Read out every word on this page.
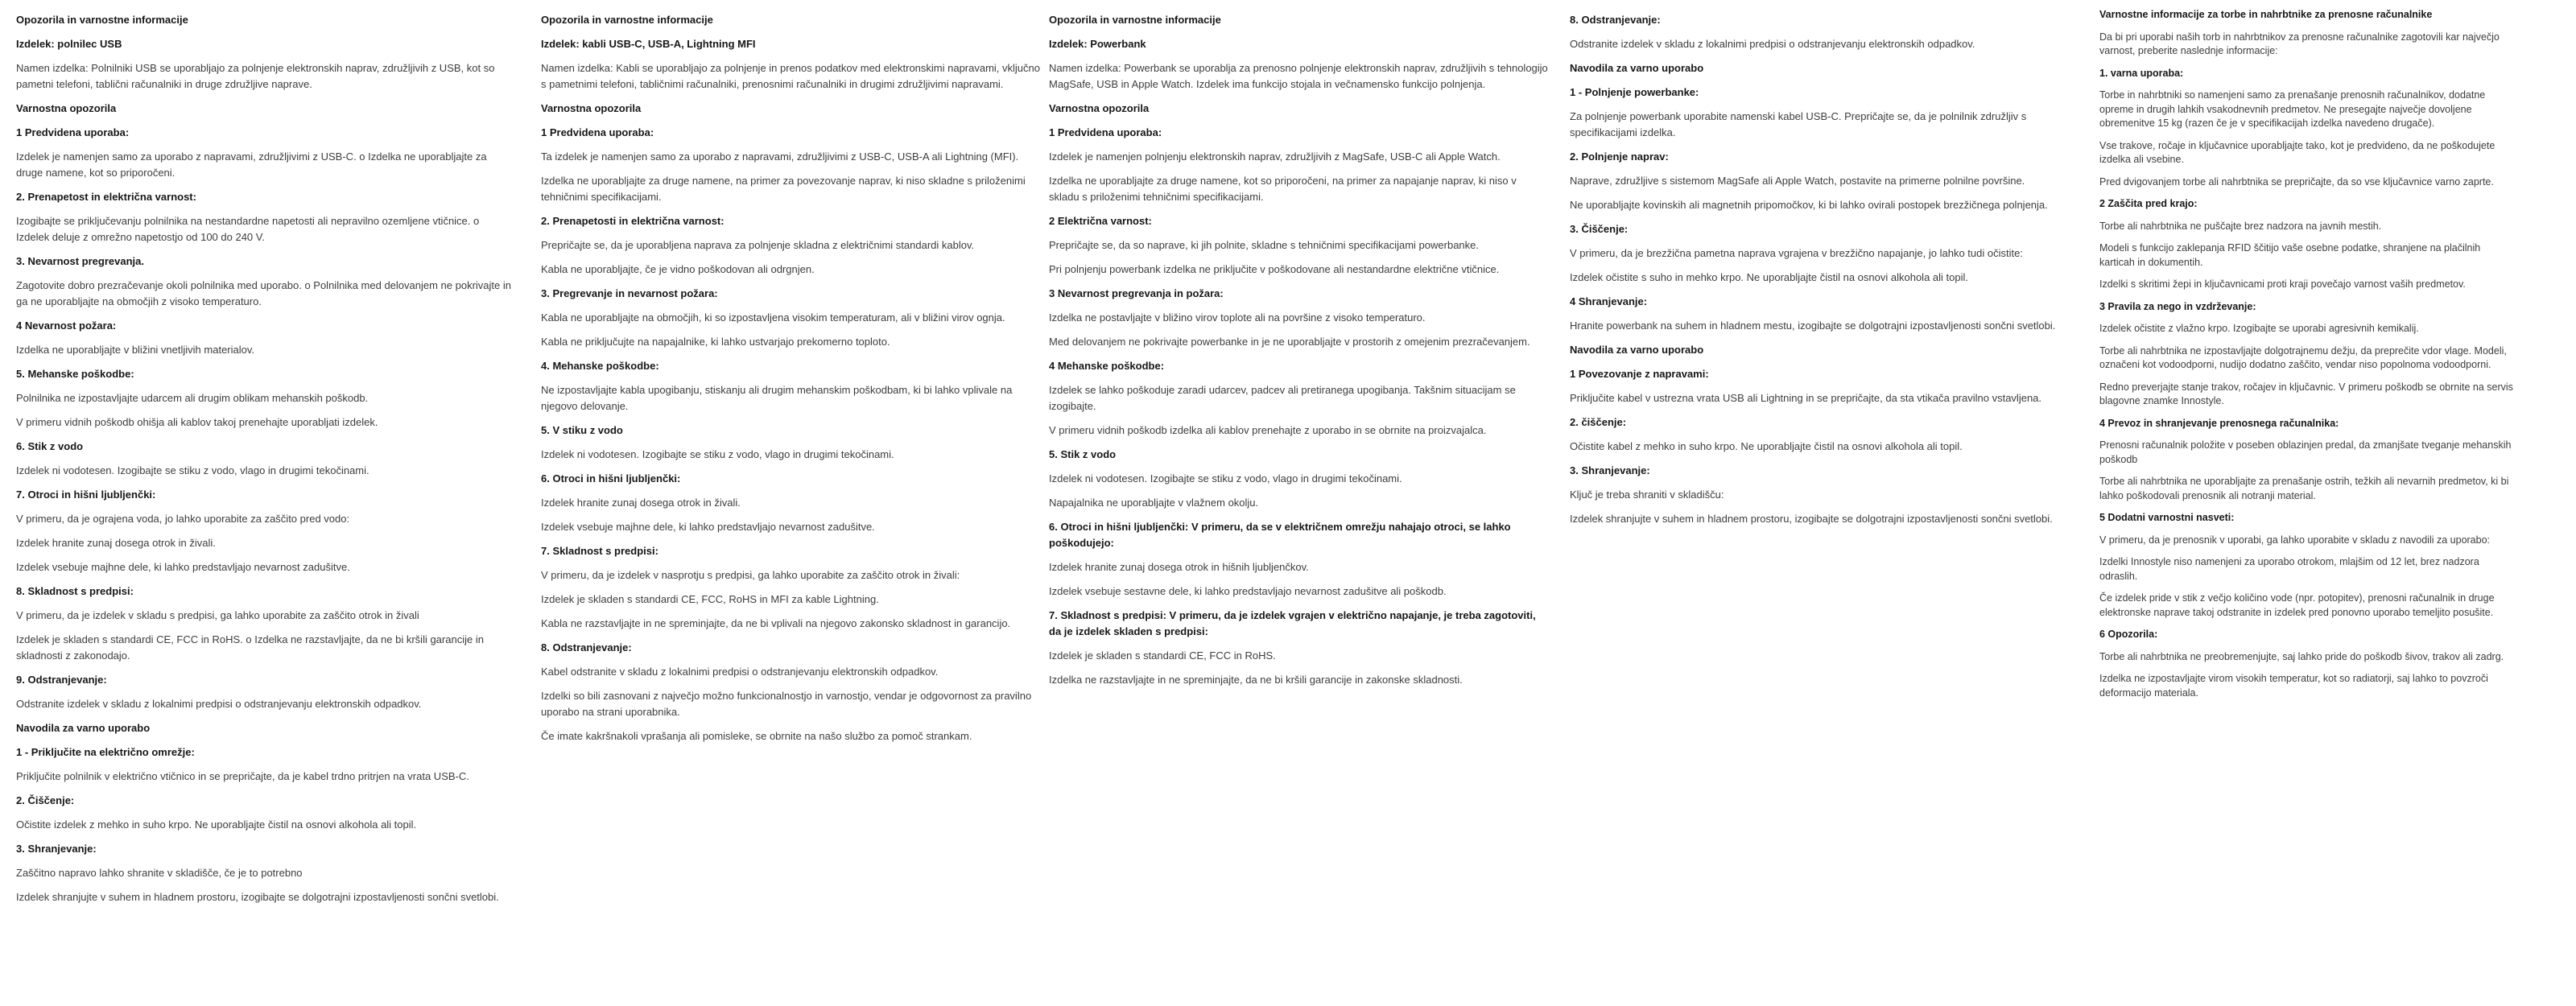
Opozorila in varnostne informacije
Izdelek: polnilec USB
Namen izdelka: Polnilniki USB se uporabljajo za polnjenje elektronskih naprav, združljivih z USB, kot so pametni telefoni, tablični računalniki in druge združljive naprave.
Varnostna opozorila
1 Predvidena uporaba:
Izdelek je namenjen samo za uporabo z napravami, združljivimi z USB-C. o Izdelka ne uporabljajte za druge namene, kot so priporočeni.
2. Prenapetost in električna varnost:
Izogibajte se priključevanju polnilnika na nestandardne napetosti ali nepravilno ozemljene vtičnice. o Izdelek deluje z omrežno napetostjo od 100 do 240 V.
3. Nevarnost pregrevanja.
Zagotovite dobro prezračevanje okoli polnilnika med uporabo. o Polnilnika med delovanjem ne pokrivajte in ga ne uporabljajte na območjih z visoko temperaturo.
4 Nevarnost požara:
Izdelka ne uporabljajte v bližini vnetljivih materialov.
5. Mehanske poškodbe:
Polnilnika ne izpostavljajte udarcem ali drugim oblikam mehanskih poškodb.
V primeru vidnih poškodb ohišja ali kablov takoj prenehajte uporabljati izdelek.
6. Stik z vodo
Izdelek ni vodotesen. Izogibajte se stiku z vodo, vlago in drugimi tekočinami.
7. Otroci in hišni ljubljenčki:
V primeru, da je ograjena voda, jo lahko uporabite za zaščito pred vodo:
Izdelek hranite zunaj dosega otrok in živali.
Izdelek vsebuje majhne dele, ki lahko predstavljajo nevarnost zadušitve.
8. Skladnost s predpisi:
V primeru, da je izdelek v skladu s predpisi, ga lahko uporabite za zaščito otrok in živali
Izdelek je skladen s standardi CE, FCC in RoHS. o Izdelka ne razstavljajte, da ne bi kršili garancije in skladnosti z zakonodajo.
9. Odstranjevanje:
Odstranite izdelek v skladu z lokalnimi predpisi o odstranjevanju elektronskih odpadkov.
Navodila za varno uporabo
1 - Priključite na električno omrežje:
Priključite polnilnik v električno vtičnico in se prepričajte, da je kabel trdno pritrjen na vrata USB-C.
2. Čiščenje:
Očistite izdelek z mehko in suho krpo. Ne uporabljajte čistil na osnovi alkohola ali topil.
3. Shranjevanje:
Zaščitno napravo lahko shranite v skladišče, če je to potrebno
Izdelek shranjujte v suhem in hladnem prostoru, izogibajte se dolgotrajni izpostavljenosti sončni svetlobi.
Opozorila in varnostne informacije
Izdelek: kabli USB-C, USB-A, Lightning MFI
Namen izdelka: Kabli se uporabljajo za polnjenje in prenos podatkov med elektronskimi napravami, vključno s pametnimi telefoni, tabličnimi računalniki, prenosnimi računalniki in drugimi združljivimi napravami.
Varnostna opozorila
1 Predvidena uporaba:
Ta izdelek je namenjen samo za uporabo z napravami, združljivimi z USB-C, USB-A ali Lightning (MFI).
Izdelka ne uporabljajte za druge namene, na primer za povezovanje naprav, ki niso skladne s priloženimi tehničnimi specifikacijami.
2. Prenapetosti in električna varnost:
Prepričajte se, da je uporabljena naprava za polnjenje skladna z električnimi standardi kablov.
Kabla ne uporabljajte, če je vidno poškodovan ali odrgnjen.
3. Pregrevanje in nevarnost požara:
Kabla ne uporabljajte na območjih, ki so izpostavljena visokim temperaturam, ali v bližini virov ognja.
Kabla ne priključujte na napajalnike, ki lahko ustvarjajo prekomerno toploto.
4. Mehanske poškodbe:
Ne izpostavljajte kabla upogibanju, stiskanju ali drugim mehanskim poškodbam, ki bi lahko vplivale na njegovo delovanje.
5. V stiku z vodo
Izdelek ni vodotesen. Izogibajte se stiku z vodo, vlago in drugimi tekočinami.
6. Otroci in hišni ljubljenčki:
Izdelek hranite zunaj dosega otrok in živali.
Izdelek vsebuje majhne dele, ki lahko predstavljajo nevarnost zadušitve.
7. Skladnost s predpisi:
V primeru, da je izdelek v nasprotju s predpisi, ga lahko uporabite za zaščito otrok in živali:
Izdelek je skladen s standardi CE, FCC, RoHS in MFI za kable Lightning.
Kabla ne razstavljajte in ne spreminjajte, da ne bi vplivali na njegovo zakonsko skladnost in garancijo.
8. Odstranjevanje:
Kabel odstranite v skladu z lokalnimi predpisi o odstranjevanju elektronskih odpadkov.
Izdelki so bili zasnovani z največjo možno funkcionalnostjo in varnostjo, vendar je odgovornost za pravilno uporabo na strani uporabnika.
Če imate kakršnakoli vprašanja ali pomisleke, se obrnite na našo službo za pomoč strankam.
Opozorila in varnostne informacije
Izdelek: Powerbank
Namen izdelka: Powerbank se uporablja za prenosno polnjenje elektronskih naprav, združljivih s tehnologijo MagSafe, USB in Apple Watch. Izdelek ima funkcijo stojala in večnamensko funkcijo polnjenja.
Varnostna opozorila
1 Predvidena uporaba:
Izdelek je namenjen polnjenju elektronskih naprav, združljivih z MagSafe, USB-C ali Apple Watch.
Izdelka ne uporabljajte za druge namene, kot so priporočeni, na primer za napajanje naprav, ki niso v skladu s priloženimi tehničnimi specifikacijami.
2 Električna varnost:
Prepričajte se, da so naprave, ki jih polnite, skladne s tehničnimi specifikacijami powerbanke.
Pri polnjenju powerbank izdelka ne priključite v poškodovane ali nestandardne električne vtičnice.
3 Nevarnost pregrevanja in požara:
Izdelka ne postavljajte v bližino virov toplote ali na površine z visoko temperaturo.
Med delovanjem ne pokrivajte powerbanke in je ne uporabljajte v prostorih z omejenim prezračevanjem.
4 Mehanske poškodbe:
Izdelek se lahko poškoduje zaradi udarcev, padcev ali pretiranega upogibanja. Takšnim situacijam se izogibajte.
V primeru vidnih poškodb izdelka ali kablov prenehajte z uporabo in se obrnite na proizvajalca.
5. Stik z vodo
Izdelek ni vodotesen. Izogibajte se stiku z vodo, vlago in drugimi tekočinami.
Napajalnika ne uporabljajte v vlažnem okolju.
6. Otroci in hišni ljubljenčki: V primeru, da se v električnem omrežju nahajajo otroci, se lahko poškodujejo:
Izdelek hranite zunaj dosega otrok in hišnih ljubljenčkov.
Izdelek vsebuje sestavne dele, ki lahko predstavljajo nevarnost zadušitve ali poškodb.
7. Skladnost s predpisi: V primeru, da je izdelek vgrajen v električno napajanje, je treba zagotoviti, da je izdelek skladen s predpisi:
Izdelek je skladen s standardi CE, FCC in RoHS.
Izdelka ne razstavljajte in ne spreminjajte, da ne bi kršili garancije in zakonske skladnosti.
8. Odstranjevanje:
Odstranite izdelek v skladu z lokalnimi predpisi o odstranjevanju elektronskih odpadkov.
Navodila za varno uporabo
1 - Polnjenje powerbanke:
Za polnjenje powerbank uporabite namenski kabel USB-C. Prepričajte se, da je polnilnik združljiv s specifikacijami izdelka.
2. Polnjenje naprav:
Naprave, združljive s sistemom MagSafe ali Apple Watch, postavite na primerne polnilne površine.
Ne uporabljajte kovinskih ali magnetnih pripomočkov, ki bi lahko ovirali postopek brezžičnega polnjenja.
3. Čiščenje:
V primeru, da je brezžična pametna naprava vgrajena v brezžično napajanje, jo lahko tudi očistite:
Izdelek očistite s suho in mehko krpo. Ne uporabljajte čistil na osnovi alkohola ali topil.
4 Shranjevanje:
Hranite powerbank na suhem in hladnem mestu, izogibajte se dolgotrajni izpostavljenosti sončni svetlobi.
Navodila za varno uporabo
1 Povezovanje z napravami:
Priključite kabel v ustrezna vrata USB ali Lightning in se prepričajte, da sta vtikača pravilno vstavljena.
2. čiščenje:
Očistite kabel z mehko in suho krpo. Ne uporabljajte čistil na osnovi alkohola ali topil.
3. Shranjevanje:
Ključ je treba shraniti v skladišču:
Izdelek shranjujte v suhem in hladnem prostoru, izogibajte se dolgotrajni izpostavljenosti sončni svetlobi.
Varnostne informacije za torbe in nahrbtnike za prenosne računalnike
Da bi pri uporabi naših torb in nahrbtnikov za prenosne računalnike zagotovili kar največjo varnost, preberite naslednje informacije:
1. varna uporaba:
Torbe in nahrbtniki so namenjeni samo za prenašanje prenosnih računalnikov, dodatne opreme in drugih lahkih vsakodnevnih predmetov. Ne presegajte največje dovoljene obremenitve 15 kg (razen če je v specifikacijah izdelka navedeno drugače).
Vse trakove, ročaje in ključavnice uporabljajte tako, kot je predvideno, da ne poškodujete izdelka ali vsebine.
Pred dvigovanjem torbe ali nahrbtnika se prepričajte, da so vse ključavnice varno zaprte.
2 Zaščita pred krajo:
Torbe ali nahrbtnika ne puščajte brez nadzora na javnih mestih.
Modeli s funkcijo zaklepanja RFID ščitijo vaše osebne podatke, shranjene na plačilnih karticah in dokumentih.
Izdelki s skritimi žepi in ključavnicami proti kraji povečajo varnost vaših predmetov.
3 Pravila za nego in vzdrževanje:
Izdelek očistite z vlažno krpo. Izogibajte se uporabi agresivnih kemikalij.
Torbe ali nahrbtnika ne izpostavljajte dolgotrajnemu dežju, da preprečite vdor vlage. Modeli, označeni kot vodoodporni, nudijo dodatno zaščito, vendar niso popolnoma vodoodporni.
Redno preverjajte stanje trakov, ročajev in ključavnic. V primeru poškodb se obrnite na servis blagovne znamke Innostyle.
4 Prevoz in shranjevanje prenosnega računalnika:
Prenosni računalnik položite v poseben oblazinjen predal, da zmanjšate tveganje mehanskih poškodb
Torbe ali nahrbtnika ne uporabljajte za prenašanje ostrih, težkih ali nevarnih predmetov, ki bi lahko poškodovali prenosnik ali notranji material.
5 Dodatni varnostni nasveti:
V primeru, da je prenosnik v uporabi, ga lahko uporabite v skladu z navodili za uporabo:
Izdelki Innostyle niso namenjeni za uporabo otrokom, mlajšim od 12 let, brez nadzora odraslih.
Če izdelek pride v stik z večjo količino vode (npr. potopitev), prenosni računalnik in druge elektronske naprave takoj odstranite in izdelek pred ponovno uporabo temeljito posušite.
6 Opozorila:
Torbe ali nahrbtnika ne preobremenjujte, saj lahko pride do poškodb šivov, trakov ali zadrg.
Izdelka ne izpostavljajte virom visokih temperatur, kot so radiatorji, saj lahko to povzroči deformacijo materiala.
